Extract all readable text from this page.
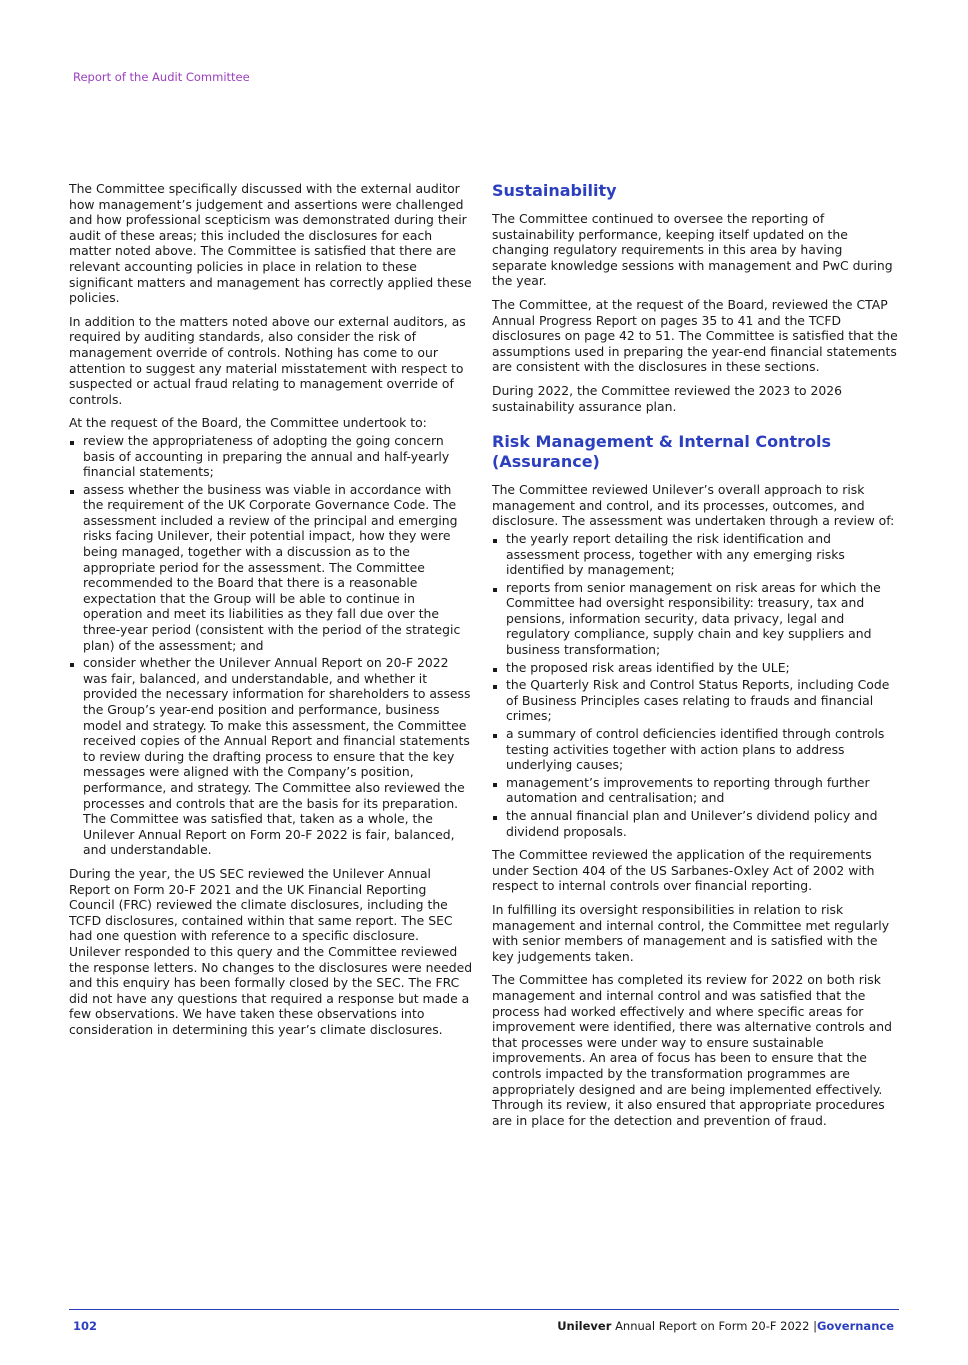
Report of the Audit Committee

The Committee specifically discussed with the external auditor how management’s judgement and assertions were challenged and how professional scepticism was demonstrated during their audit of these areas; this included the disclosures for each matter noted above. The Committee is satisfied that there are relevant accounting policies in place in relation to these significant matters and management has correctly applied these policies.

In addition to the matters noted above our external auditors, as required by auditing standards, also consider the risk of management override of controls. Nothing has come to our attention to suggest any material misstatement with respect to suspected or actual fraud relating to management override of controls.

At the request of the Board, the Committee undertook to:

review the appropriateness of adopting the going concern basis of accounting in preparing the annual and half-yearly financial statements;
assess whether the business was viable in accordance with the requirement of the UK Corporate Governance Code. The assessment included a review of the principal and emerging risks facing Unilever, their potential impact, how they were being managed, together with a discussion as to the appropriate period for the assessment. The Committee recommended to the Board that there is a reasonable expectation that the Group will be able to continue in operation and meet its liabilities as they fall due over the three-year period (consistent with the period of the strategic plan) of the assessment; and
consider whether the Unilever Annual Report on 20-F 2022 was fair, balanced, and understandable, and whether it provided the necessary information for shareholders to assess the Group’s year-end position and performance, business model and strategy. To make this assessment, the Committee received copies of the Annual Report and financial statements to review during the drafting process to ensure that the key messages were aligned with the Company’s position, performance, and strategy. The Committee also reviewed the processes and controls that are the basis for its preparation. The Committee was satisfied that, taken as a whole, the Unilever Annual Report on Form 20-F 2022 is fair, balanced, and understandable.

During the year, the US SEC reviewed the Unilever Annual Report on Form 20-F 2021 and the UK Financial Reporting Council (FRC) reviewed the climate disclosures, including the TCFD disclosures, contained within that same report. The SEC had one question with reference to a specific disclosure. Unilever responded to this query and the Committee reviewed the response letters. No changes to the disclosures were needed and this enquiry has been formally closed by the SEC. The FRC did not have any questions that required a response but made a few observations. We have taken these observations into consideration in determining this year’s climate disclosures.

Sustainability

The Committee continued to oversee the reporting of sustainability performance, keeping itself updated on the changing regulatory requirements in this area by having separate knowledge sessions with management and PwC during the year.

The Committee, at the request of the Board, reviewed the CTAP Annual Progress Report on pages 35 to 41 and the TCFD disclosures on page 42 to 51. The Committee is satisfied that the assumptions used in preparing the year-end financial statements are consistent with the disclosures in these sections.

During 2022, the Committee reviewed the 2023 to 2026 sustainability assurance plan.

Risk Management & Internal Controls (Assurance)

The Committee reviewed Unilever’s overall approach to risk management and control, and its processes, outcomes, and disclosure. The assessment was undertaken through a review of:

the yearly report detailing the risk identification and assessment process, together with any emerging risks identified by management;
reports from senior management on risk areas for which the Committee had oversight responsibility: treasury, tax and pensions, information security, data privacy, legal and regulatory compliance, supply chain and key suppliers and business transformation;
the proposed risk areas identified by the ULE;
the Quarterly Risk and Control Status Reports, including Code of Business Principles cases relating to frauds and financial crimes;
a summary of control deficiencies identified through controls testing activities together with action plans to address underlying causes;
management’s improvements to reporting through further automation and centralisation; and
the annual financial plan and Unilever’s dividend policy and dividend proposals.

The Committee reviewed the application of the requirements under Section 404 of the US Sarbanes-Oxley Act of 2002 with respect to internal controls over financial reporting.

In fulfilling its oversight responsibilities in relation to risk management and internal control, the Committee met regularly with senior members of management and is satisfied with the key judgements taken.

The Committee has completed its review for 2022 on both risk management and internal control and was satisfied that the process had worked effectively and where specific areas for improvement were identified, there was alternative controls and that processes were under way to ensure sustainable improvements. An area of focus has been to ensure that the controls impacted by the transformation programmes are appropriately designed and are being implemented effectively. Through its review, it also ensured that appropriate procedures are in place for the detection and prevention of fraud.

102	Unilever Annual Report on Form 20-F 2022 |Governance
